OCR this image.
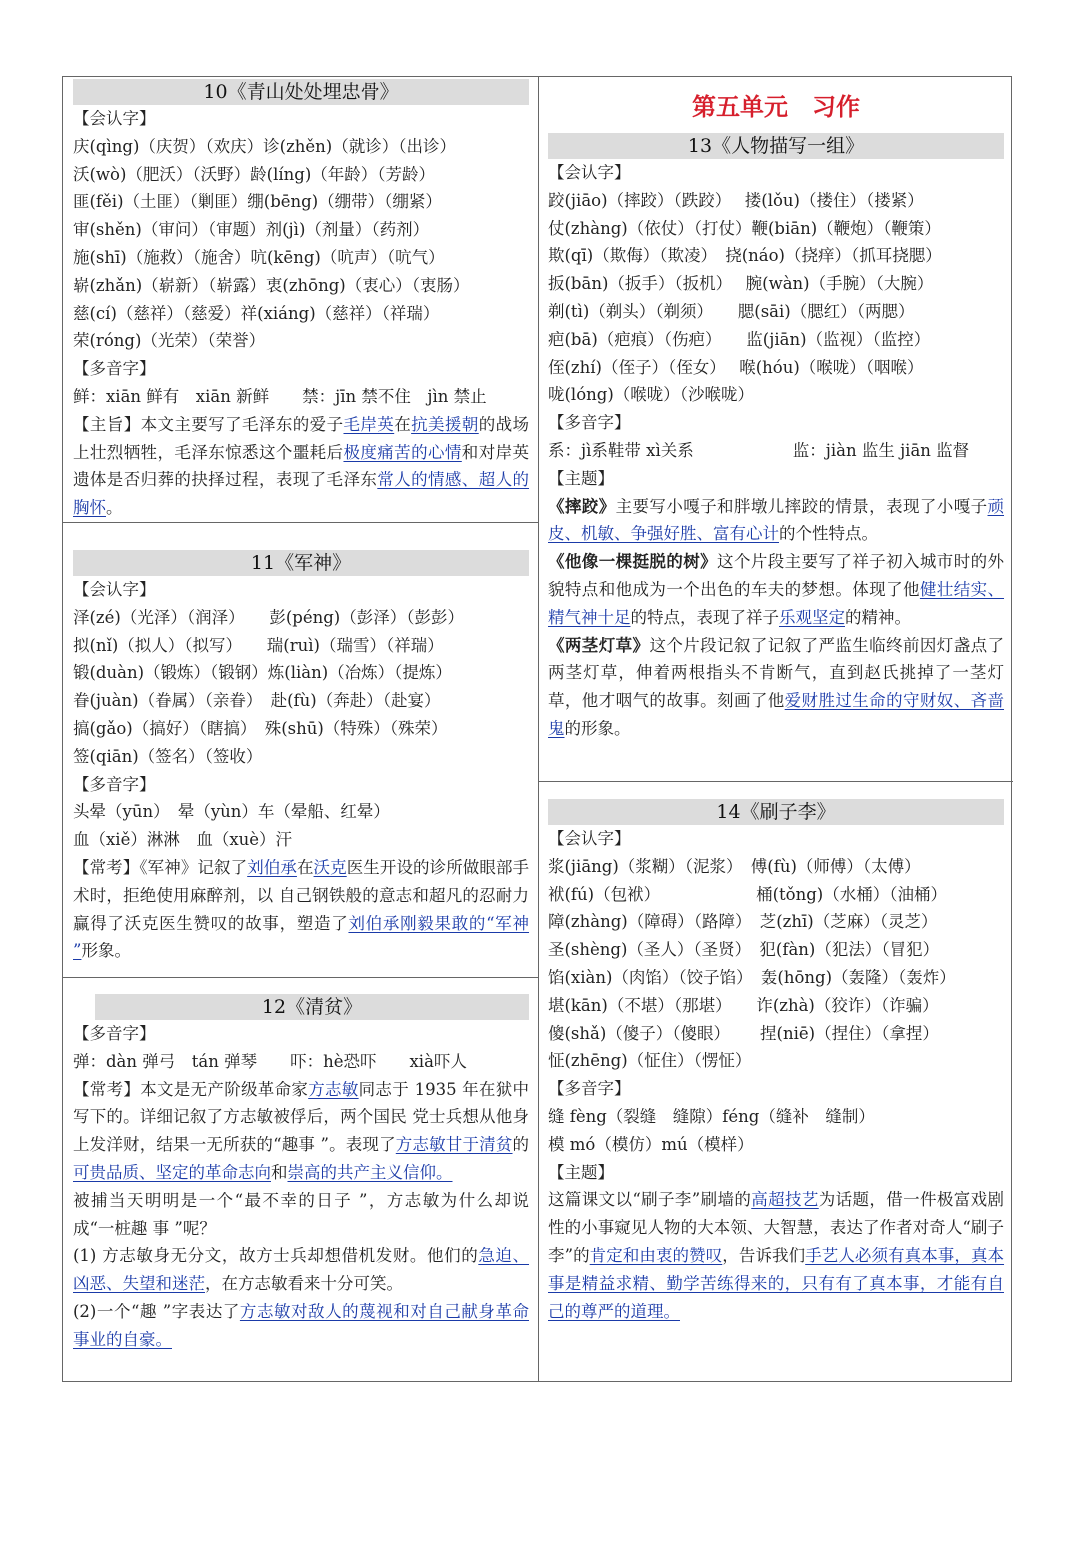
10《青山处处埋忠骨》
【会认字】
庆(qìng)（庆贺）（欢庆）诊(zhěn)（就诊）（出诊）
沃(wò)（肥沃）（沃野）龄(líng)（年龄）（芳龄）
匪(fěi)（土匪）（剿匪）绷(bēng)（绷带）（绷紧）
审(shěn)（审问）（审题）剂(jì)（剂量）（药剂）
施(shī)（施救）（施舍）吭(kēng)（吭声）（吭气）
崭(zhǎn)（崭新）（崭露）衷(zhōng)（衷心）（衷肠）
慈(cí)（慈祥）（慈爱）祥(xiáng)（慈祥）（祥瑞）
荣(róng)（光荣）（荣誉）
【多音字】
鲜：xiān 鲜有　xiān 新鲜　　禁：jīn 禁不住　jìn 禁止
【主旨】本文主要写了毛泽东的爱子毛岸英在抗美援朝的战场上壮烈牺牲，毛泽东惊悉这个噩耗后极度痛苦的心情和对岸英遗体是否归葬的抉择过程，表现了毛泽东常人的情感、超人的胸怀。
11《军神》
【会认字】
泽(zé)（光泽）（润泽）　　彭(péng)（彭泽）（彭彭）
拟(nǐ)（拟人）（拟写）　　瑞(ruì)（瑞雪）（祥瑞）
锻(duàn)（锻炼）（锻钢）炼(liàn)（冶炼）（提炼）
眷(juàn)（眷属）（亲眷）　赴(fù)（奔赴）（赴宴）
搞(gǎo)（搞好）（瞎搞）　殊(shū)（特殊）（殊荣）
签(qiān)（签名）（签收）
【多音字】
头晕（yūn）　晕（yùn）车（晕船、红晕）
血（xiě）淋淋　血（xuè）汗
【常考】《军神》记叙了刘伯承在沃克医生开设的诊所做眼部手术时，拒绝使用麻醉剂，以 自己钢铁般的意志和超凡的忍耐力赢得了沃克医生赞叹的故事，塑造了刘伯承刚毅果敢的“军神 ”形象。
12《清贫》
【多音字】
弹：dàn 弹弓　tán 弹琴　　吓：hè恐吓　　xià吓人
【常考】本文是无产阶级革命家方志敏同志于 1935 年在狱中写下的。详细记叙了方志敏被俘后，两个国民 党士兵想从他身上发洋财，结果一无所获的“趣事 ”。表现了方志敏甘于清贫的可贵品质、坚定的革命志向和崇高的共产主义信仰。
被捕当天明明是一个“最不幸的日子 ”，方志敏为什么却说成“一桩趣 事 ”呢？
(1) 方志敏身无分文，故方士兵却想借机发财。他们的急迫、凶恶、失望和迷茫，在方志敏看来十分可笑。
(2)一个“趣 ”字表达了方志敏对敌人的蔑视和对自己献身革命事业的自豪。
第五单元　习作
13《人物描写一组》
【会认字】
跤(jiāo)（摔跤）（跌跤）　 搂(lǒu)（搂住）（搂紧）
仗(zhàng)（依仗）（打仗）鞭(biān)（鞭炮）（鞭策）
欺(qī)（欺侮）（欺凌）　挠(náo)（挠痒）（抓耳挠腮）
扳(bān)（扳手）（扳机）　 腕(wàn)（手腕）（大腕）
剃(tì)（剃头）（剃须）　　腮(sāi)（腮红）（两腮）
疤(bā)（疤痕）（伤疤）　　监(jiān)（监视）（监控）
侄(zhí)（侄子）（侄女）　 喉(hóu)（喉咙）（咽喉）
咙(lóng)（喉咙）（沙喉咙）
【多音字】
系：jì系鞋带 xì关系　　　　　　监：jiàn 监生 jiān 监督
【主题】
《摔跤》主要写小嘎子和胖墩儿摔跤的情景，表现了小嘎子顽皮、机敏、争强好胜、富有心计的个性特点。
《他像一棵挺脱的树》这个片段主要写了祥子初入城市时的外貌特点和他成为一个出色的车夫的梦想。体现了他健壮结实、精气神十足的特点，表现了祥子乐观坚定的精神。
《两茎灯草》这个片段记叙了记叙了严监生临终前因灯盏点了两茎灯草，伸着两根指头不肯断气，直到赵氏挑掉了一茎灯草，他才咽气的故事。刻画了他爱财胜过生命的守财奴、吝啬鬼的形象。
14《刷子李》
【会认字】
浆(jiāng)（浆糊）（泥浆）　傅(fù)（师傅）（太傅）
袱(fú)（包袱）　　　　　　 桶(tǒng)（水桶）（油桶）
障(zhàng)（障碍）（路障）　芝(zhī)（芝麻）（灵芝）
圣(shèng)（圣人）（圣贤）　犯(fàn)（犯法）（冒犯）
馅(xiàn)（肉馅）（饺子馅）　轰(hōng)（轰隆）（轰炸）
堪(kān)（不堪）（那堪）　　诈(zhà)（狡诈）（诈骗）
傻(shǎ)（傻子）（傻眼）　　 捏(niē)（捏住）（拿捏）
怔(zhēng)（怔住）（愣怔）
【多音字】
缝 fèng（裂缝　缝隙）féng（缝补　缝制）
模 mó（模仿）mú（模样）
【主题】
这篇课文以“刷子李”刷墙的高超技艺为话题，借一件极富戏剧性的小事窥见人物的大本领、大智慧，表达了作者对奇人“刷子李”的肯定和由衷的赞叹，告诉我们手艺人必须有真本事，真本事是精益求精、勤学苦练得来的，只有有了真本事，才能有自己的尊严的道理。
